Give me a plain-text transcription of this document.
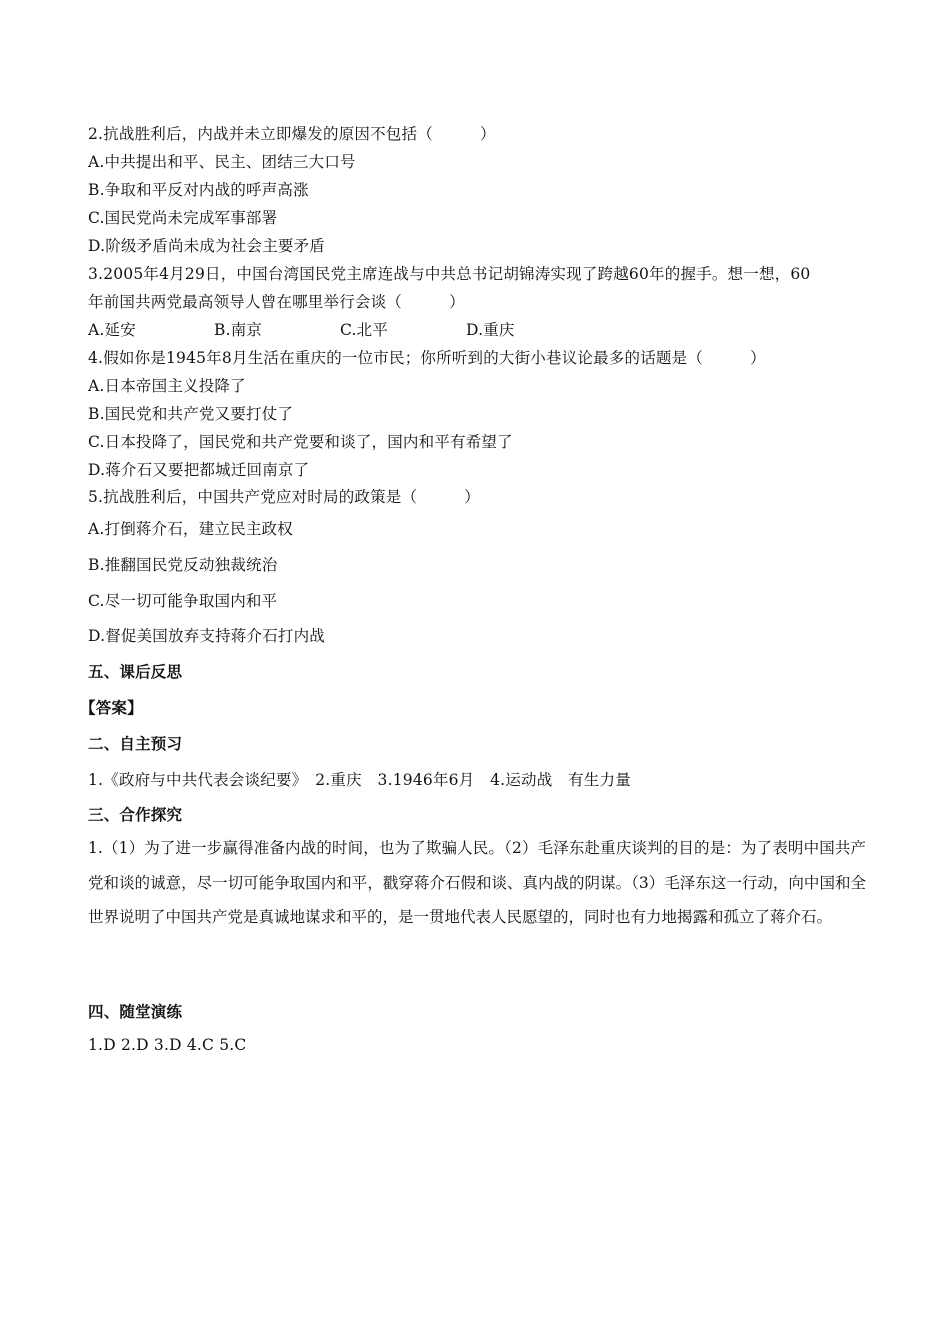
2.抗战胜利后，内战并未立即爆发的原因不包括（　　　）
A.中共提出和平、民主、团结三大口号
B.争取和平反对内战的呼声高涨
C.国民党尚未完成军事部署
D.阶级矛盾尚未成为社会主要矛盾
3.2005年4月29日，中国台湾国民党主席连战与中共总书记胡锦涛实现了跨越60年的握手。想一想，60
年前国共两党最高领导人曾在哪里举行会谈（　　　）
A.延安	B.南京	C.北平	D.重庆
4.假如你是1945年8月生活在重庆的一位市民；你所听到的大街小巷议论最多的话题是（　　　）
A.日本帝国主义投降了
B.国民党和共产党又要打仗了
C.日本投降了，国民党和共产党要和谈了，国内和平有希望了
D.蒋介石又要把都城迁回南京了
5.抗战胜利后，中国共产党应对时局的政策是（　　　）
A.打倒蒋介石，建立民主政权
B.推翻国民党反动独裁统治
C.尽一切可能争取国内和平
D.督促美国放弃支持蒋介石打内战
五、课后反思
【答案】
二、自主预习
1.《政府与中共代表会谈纪要》　2.重庆　3.1946年6月　4.运动战　有生力量
三、合作探究
1.（1）为了进一步赢得准备内战的时间，也为了欺骗人民。（2）毛泽东赴重庆谈判的目的是：为了表明中国共产党和谈的诚意，尽一切可能争取国内和平，戳穿蒋介石假和谈、真内战的阴谋。（3）毛泽东这一行动，向中国和全世界说明了中国共产党是真诚地谋求和平的，是一贯地代表人民愿望的，同时也有力地揭露和孤立了蒋介石。
四、随堂演练
1.D 2.D 3.D 4.C 5.C
